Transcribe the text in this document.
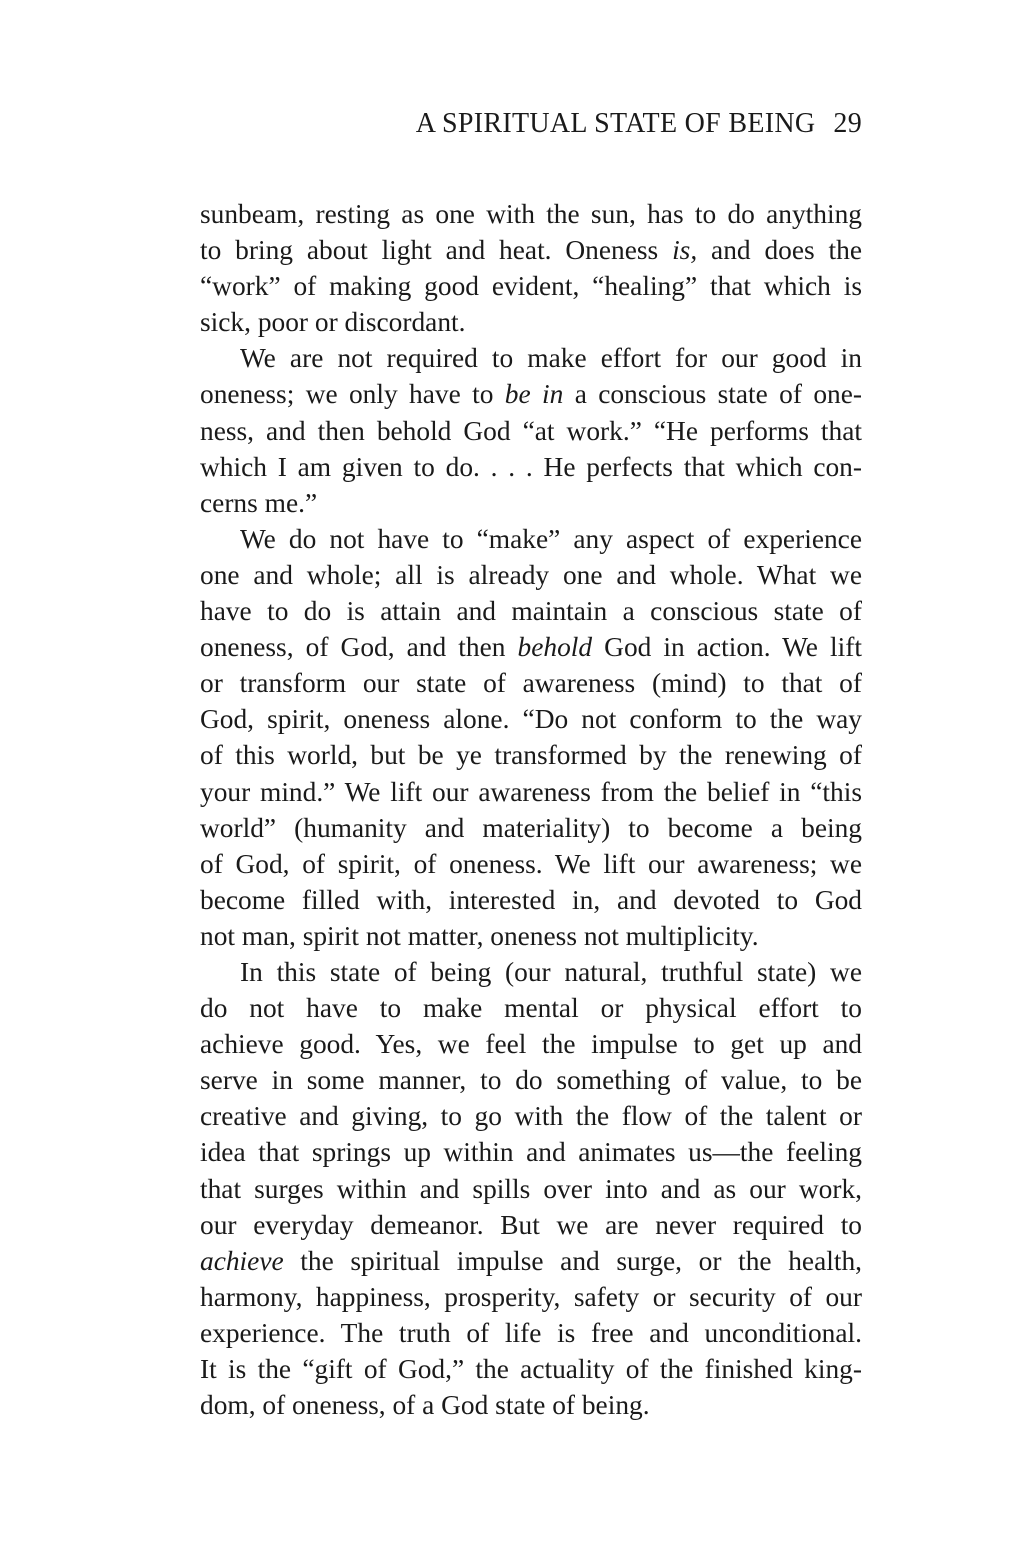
A SPIRITUAL STATE OF BEING 29
sunbeam, resting as one with the sun, has to do anything
to bring about light and heat. Oneness is, and does the
“work” of making good evident, “healing” that which is
sick, poor or discordant.
We are not required to make effort for our good in
oneness; we only have to be in a conscious state of one-
ness, and then behold God “at work.” “He performs that
which I am given to do. . . . He perfects that which con-
cerns me.”
We do not have to “make” any aspect of experience
one and whole; all is already one and whole. What we
have to do is attain and maintain a conscious state of
oneness, of God, and then behold God in action. We lift
or transform our state of awareness (mind) to that of
God, spirit, oneness alone. “Do not conform to the way
of this world, but be ye transformed by the renewing of
your mind.” We lift our awareness from the belief in “this
world” (humanity and materiality) to become a being
of God, of spirit, of oneness. We lift our awareness; we
become filled with, interested in, and devoted to God
not man, spirit not matter, oneness not multiplicity.
In this state of being (our natural, truthful state) we
do not have to make mental or physical effort to
achieve good. Yes, we feel the impulse to get up and
serve in some manner, to do something of value, to be
creative and giving, to go with the flow of the talent or
idea that springs up within and animates us—the feeling
that surges within and spills over into and as our work,
our everyday demeanor. But we are never required to
achieve the spiritual impulse and surge, or the health,
harmony, happiness, prosperity, safety or security of our
experience. The truth of life is free and unconditional.
It is the “gift of God,” the actuality of the finished king-
dom, of oneness, of a God state of being.
